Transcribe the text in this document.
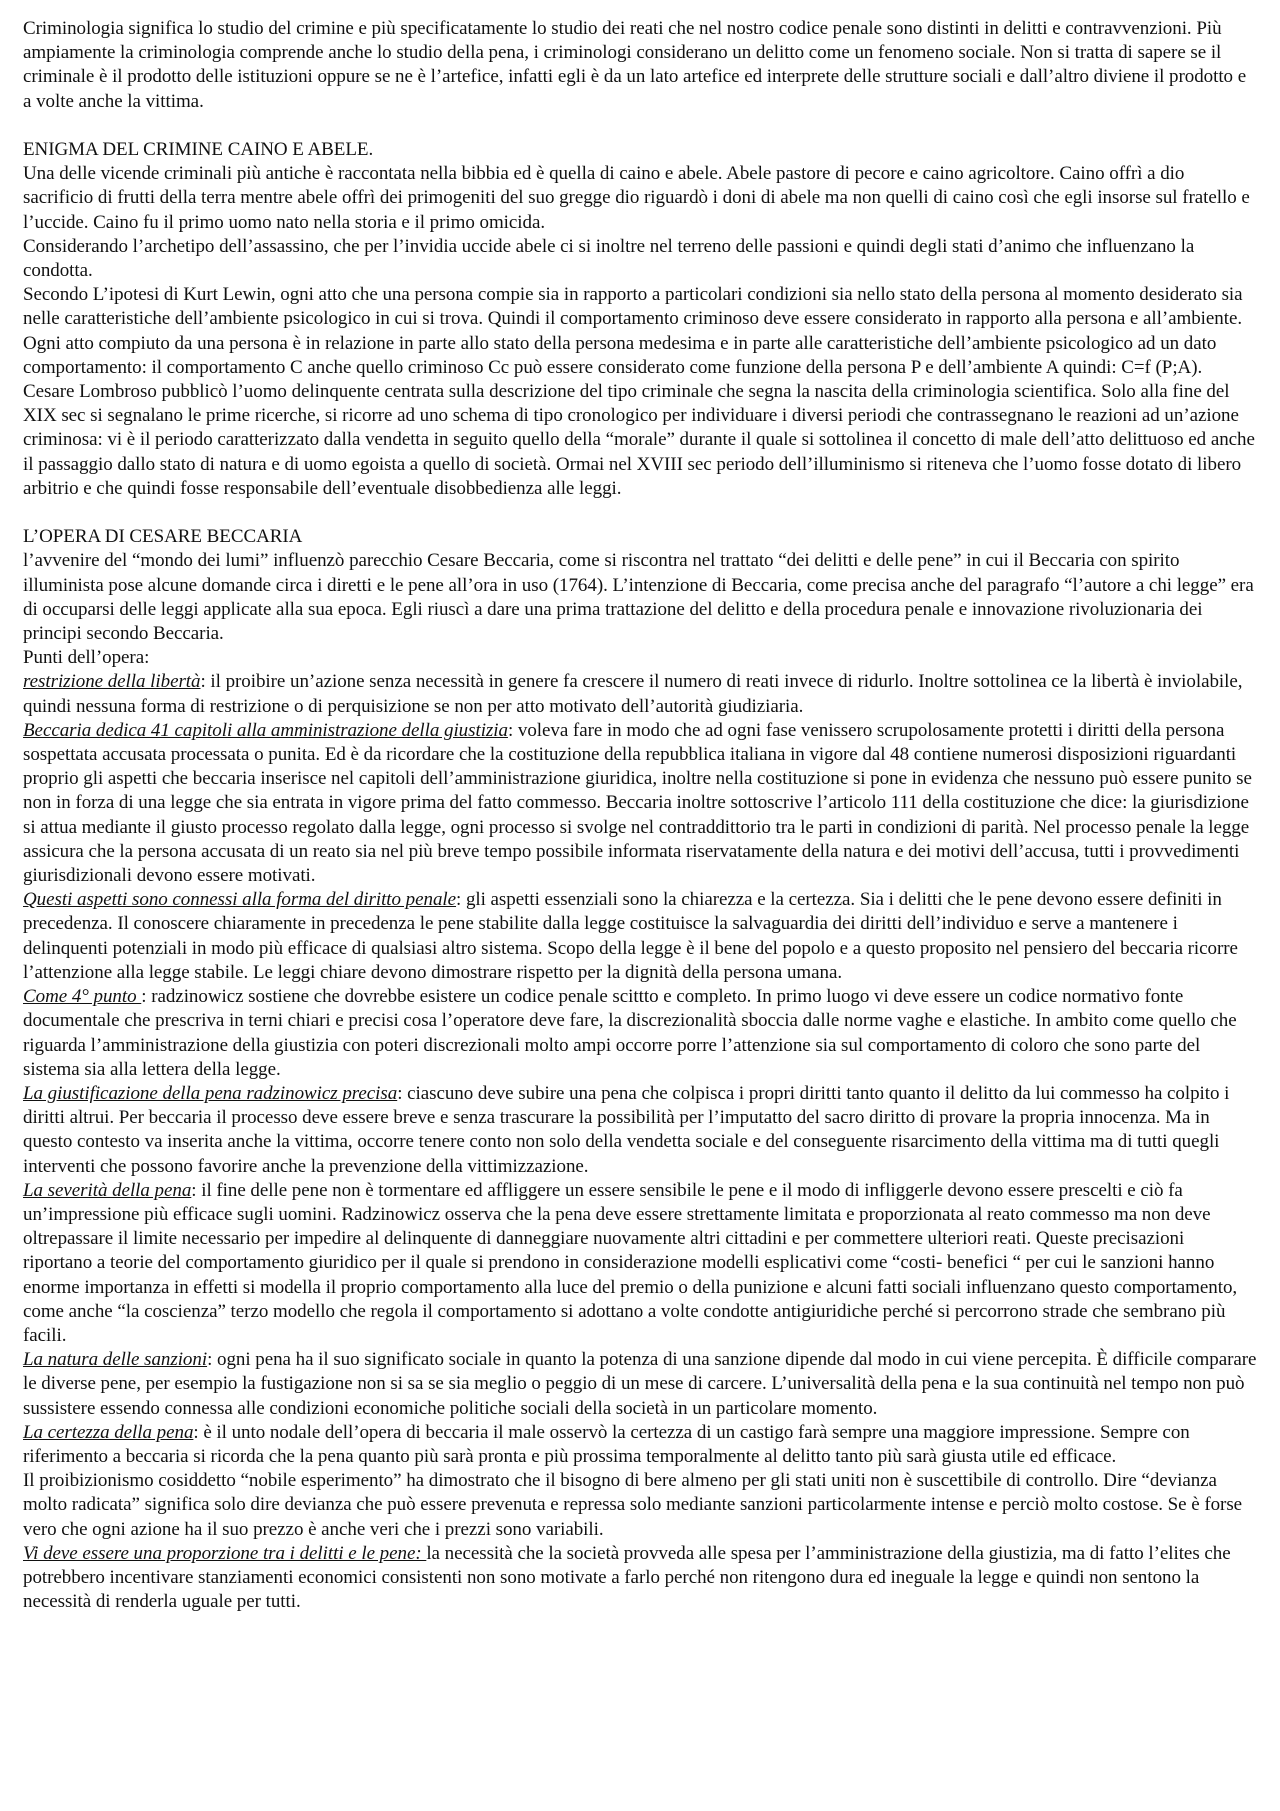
Criminologia significa lo studio del crimine e più specificatamente lo studio dei reati che nel nostro codice penale sono distinti in delitti e contravvenzioni. Più ampiamente la criminologia comprende anche lo studio della pena, i criminologi considerano un delitto come un fenomeno sociale. Non si tratta di sapere se il criminale è il prodotto delle istituzioni oppure se ne è l’artefice, infatti egli è da un lato artefice ed interprete delle strutture sociali e dall’altro diviene il prodotto e a volte anche la vittima.

ENIGMA DEL CRIMINE CAINO E ABELE.

Una delle vicende criminali più antiche è raccontata nella bibbia ed è quella di caino e abele. Abele pastore di pecore e caino agricoltore. Caino offrì a dio sacrificio di frutti della terra mentre abele offrì dei primogeniti del suo gregge dio riguardò i doni di abele ma non quelli di caino così che egli insorse sul fratello e l’uccide. Caino fu il primo uomo nato nella storia e il primo omicida.

Considerando l’archetipo dell’assassino, che per l’invidia uccide abele ci si inoltre nel terreno delle passioni e quindi degli stati d’animo che influenzano la condotta.

Secondo L’ipotesi di Kurt Lewin, ogni atto che una persona compie sia in rapporto a particolari condizioni sia nello stato della persona al momento desiderato sia nelle caratteristiche dell’ambiente psicologico in cui si trova. Quindi il comportamento criminoso deve essere considerato in rapporto alla persona e all’ambiente.

Ogni atto compiuto da una persona è in relazione in parte allo stato della persona medesima e in parte alle caratteristiche dell’ambiente psicologico ad un dato comportamento: il comportamento C anche quello criminoso Cc può essere considerato come funzione della persona P e dell’ambiente A quindi: C=f (P;A).

Cesare Lombroso pubblicò l’uomo delinquente centrata sulla descrizione del tipo criminale che segna la nascita della criminologia scientifica. Solo alla fine del XIX sec si segnalano le prime ricerche, si ricorre ad uno schema di tipo cronologico per individuare i diversi periodi che contrassegnano le reazioni ad un’azione criminosa: vi è il periodo caratterizzato dalla vendetta in seguito quello della “morale” durante il quale si sottolinea il concetto di male dell’atto delittuoso ed anche il passaggio dallo stato di natura e di uomo egoista a quello di società. Ormai nel XVIII sec periodo dell’illuminismo si riteneva che l’uomo fosse dotato di libero arbitrio e che quindi fosse responsabile dell’eventuale disobbedienza alle leggi.

L’OPERA DI CESARE BECCARIA

l’avvenire del “mondo dei lumi” influenzò parecchio Cesare Beccaria, come si riscontra nel trattato “dei delitti e delle pene” in cui il Beccaria con spirito illuminista pose alcune domande circa i diretti e le pene all’ora in uso (1764). L’intenzione di Beccaria, come precisa anche del paragrafo “l’autore a chi legge” era di occuparsi delle leggi applicate alla sua epoca. Egli riuscì a dare una prima trattazione del delitto e della procedura penale e innovazione rivoluzionaria dei principi secondo Beccaria.

Punti dell’opera:

restrizione della libertà: il proibire un’azione senza necessità in genere fa crescere il numero di reati invece di ridurlo. Inoltre sottolinea ce la libertà è inviolabile, quindi nessuna forma di restrizione o di perquisizione se non per atto motivato dell’autorità giudiziaria.

Beccaria dedica 41 capitoli alla amministrazione della giustizia: voleva fare in modo che ad ogni fase venissero scrupolosamente protetti i diritti della persona sospettata accusata processata o punita. Ed è da ricordare che la costituzione della repubblica italiana in vigore dal 48 contiene numerosi disposizioni riguardanti proprio gli aspetti che beccaria inserisce nel capitoli dell’amministrazione giuridica, inoltre nella costituzione si pone in evidenza che nessuno può essere punito se non in forza di una legge che sia entrata in vigore prima del fatto commesso. Beccaria inoltre sottoscrive l’articolo 111 della costituzione che dice: la giurisdizione si attua mediante il giusto processo regolato dalla legge, ogni processo si svolge nel contraddittorio tra le parti in condizioni di parità. Nel processo penale la legge assicura che la persona accusata di un reato sia nel più breve tempo possibile informata riservatamente della natura e dei motivi dell’accusa, tutti i provvedimenti giurisdizionali devono essere motivati.

Questi aspetti sono connessi alla forma del diritto penale: gli aspetti essenziali sono la chiarezza e la certezza. Sia i delitti che le pene devono essere definiti in precedenza. Il conoscere chiaramente in precedenza le pene stabilite dalla legge costituisce la salvaguardia dei diritti dell’individuo e serve a mantenere i delinquenti potenziali in modo più efficace di qualsiasi altro sistema. Scopo della legge è il bene del popolo e a questo proposito nel pensiero del beccaria ricorre l’attenzione alla legge stabile. Le leggi chiare devono dimostrare rispetto per la dignità della persona umana.

Come 4° punto : radzinowicz sostiene che dovrebbe esistere un codice penale scittto e completo. In primo luogo vi deve essere un codice normativo fonte documentale che prescriva in terni chiari e precisi cosa l’operatore deve fare, la discrezionalità sboccia dalle norme vaghe e elastiche. In ambito come quello che riguarda l’amministrazione della giustizia con poteri discrezionali molto ampi occorre porre l’attenzione sia sul comportamento di coloro che sono parte del sistema sia alla lettera della legge.

La giustificazione della pena radzinowicz precisa: ciascuno deve subire una pena che colpisca i propri diritti tanto quanto il delitto da lui commesso ha colpito i diritti altrui. Per beccaria il processo deve essere breve e senza trascurare la possibilità per l’imputatto del sacro diritto di provare la propria innocenza. Ma in questo contesto va inserita anche la vittima, occorre tenere conto non solo della vendetta sociale e del conseguente risarcimento della vittima ma di tutti quegli interventi che possono favorire anche la prevenzione della vittimizzazione.

La severità della pena: il fine delle pene non è tormentare ed affliggere un essere sensibile le pene e il modo di infliggerle devono essere prescelti e ciò fa un’impressione più efficace sugli uomini. Radzinowicz osserva che la pena deve essere strettamente limitata e proporzionata al reato commesso ma non deve oltrepassare il limite necessario per impedire al delinquente di danneggiare nuovamente altri cittadini e per commettere ulteriori reati. Queste precisazioni riportano a teorie del comportamento giuridico per il quale si prendono in considerazione modelli esplicativi come “costi- benefici “ per cui le sanzioni hanno enorme importanza in effetti si modella il proprio comportamento alla luce del premio o della punizione e alcuni fatti sociali influenzano questo comportamento, come anche “la coscienza” terzo modello che regola il comportamento si adottano a volte condotte antigiuridiche perché si percorrono strade che sembrano più facili.

La natura delle sanzioni: ogni pena ha il suo significato sociale in quanto la potenza di una sanzione dipende dal modo in cui viene percepita. È difficile comparare le diverse pene, per esempio la fustigazione non si sa se sia meglio o peggio di un mese di carcere. L’universalità della pena e la sua continuità nel tempo non può sussistere essendo connessa alle condizioni economiche politiche sociali della società in un particolare momento.

La certezza della pena: è il unto nodale dell’opera di beccaria il male osservò la certezza di un castigo farà sempre una maggiore impressione. Sempre con riferimento a beccaria si ricorda che la pena quanto più sarà pronta e più prossima temporalmente al delitto tanto più sarà giusta utile ed efficace.

Il proibizionismo cosiddetto “nobile esperimento” ha dimostrato che il bisogno di bere almeno per gli stati uniti non è suscettibile di controllo. Dire “devianza molto radicata” significa solo dire devianza che può essere prevenuta e repressa solo mediante sanzioni particolarmente intense e perciò molto costose. Se è forse vero che ogni azione ha il suo prezzo è anche veri che i prezzi sono variabili.

Vi deve essere una proporzione tra i delitti e le pene: la necessità che la società provveda alle spesa per l’amministrazione della giustizia, ma di fatto l’elites che potrebbero incentivare stanziamenti economici consistenti non sono motivate a farlo perché non ritengono dura ed ineguale la legge e quindi non sentono la necessità di renderla uguale per tutti.
